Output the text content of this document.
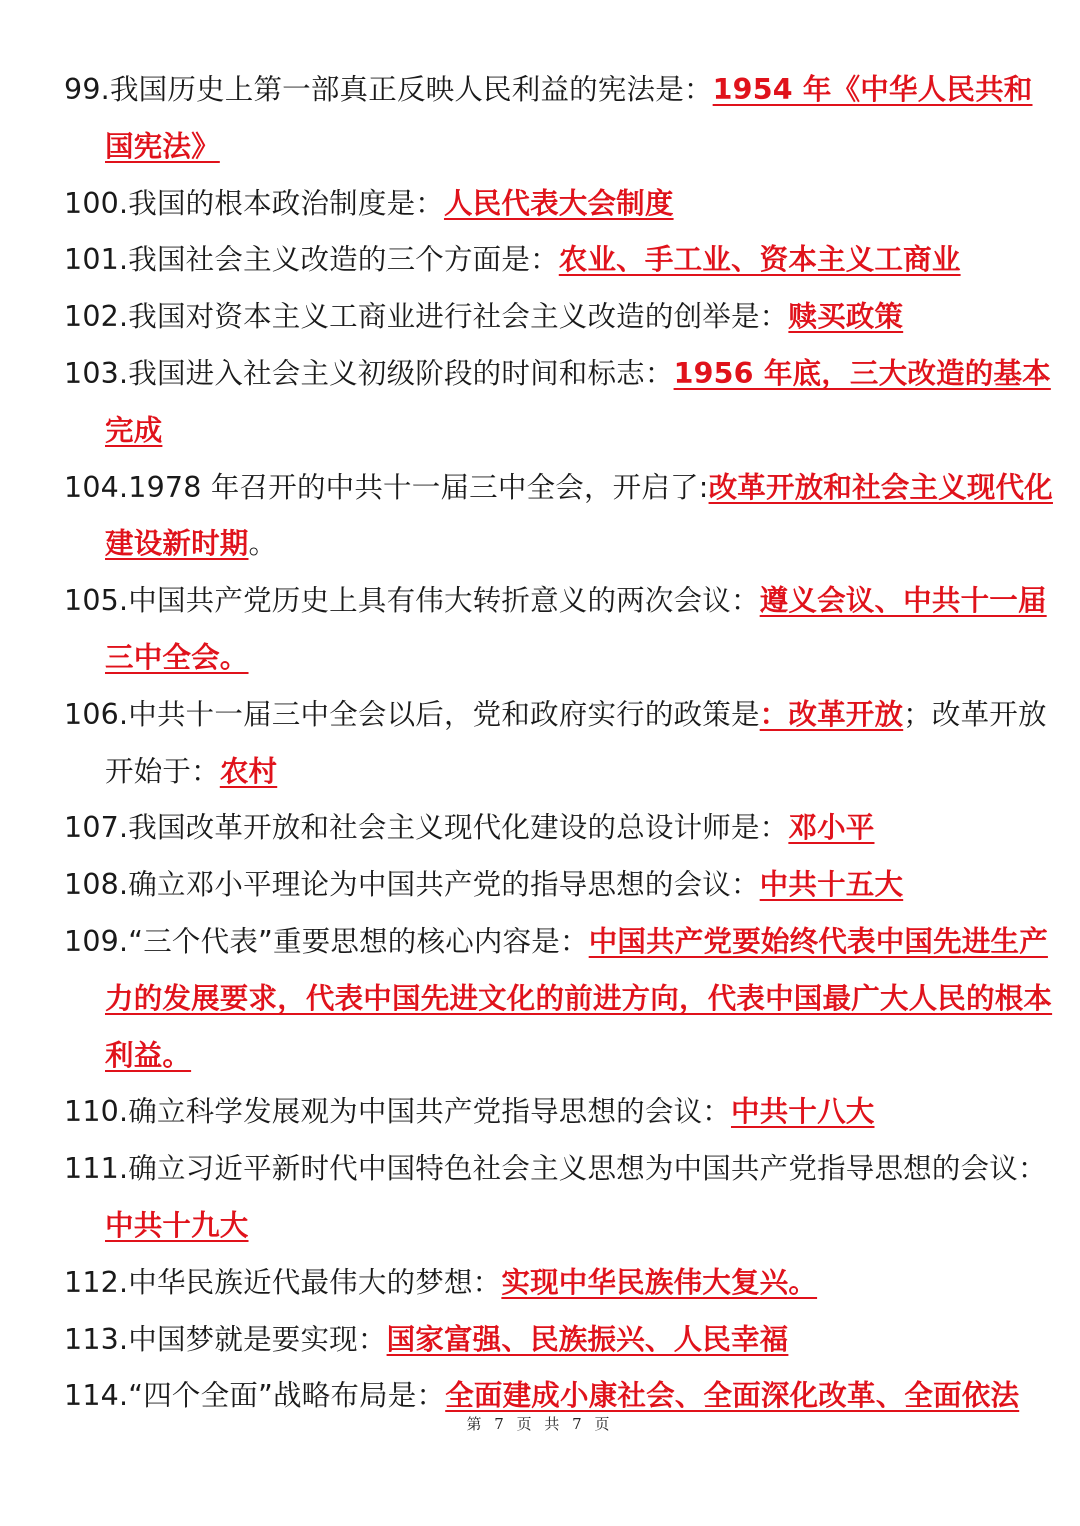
99.我国历史上第一部真正反映人民利益的宪法是：1954 年《中华人民共和国宪法》
100.我国的根本政治制度是：人民代表大会制度
101.我国社会主义改造的三个方面是：农业、手工业、资本主义工商业
102.我国对资本主义工商业进行社会主义改造的创举是：赎买政策
103.我国进入社会主义初级阶段的时间和标志：1956 年底，三大改造的基本完成
104.1978 年召开的中共十一届三中全会，开启了:改革开放和社会主义现代化建设新时期。
105.中国共产党历史上具有伟大转折意义的两次会议：遵义会议、中共十一届三中全会。
106.中共十一届三中全会以后，党和政府实行的政策是：改革开放；改革开放开始于：农村
107.我国改革开放和社会主义现代化建设的总设计师是：邓小平
108.确立邓小平理论为中国共产党的指导思想的会议：中共十五大
109.“三个代表”重要思想的核心内容是：中国共产党要始终代表中国先进生产力的发展要求，代表中国先进文化的前进方向，代表中国最广大人民的根本利益。
110.确立科学发展观为中国共产党指导思想的会议：中共十八大
111.确立习近平新时代中国特色社会主义思想为中国共产党指导思想的会议：中共十九大
112.中华民族近代最伟大的梦想：实现中华民族伟大复兴。
113.中国梦就是要实现：国家富强、民族振兴、人民幸福
114.“四个全面”战略布局是：全面建成小康社会、全面深化改革、全面依法
第 7 页 共 7 页
